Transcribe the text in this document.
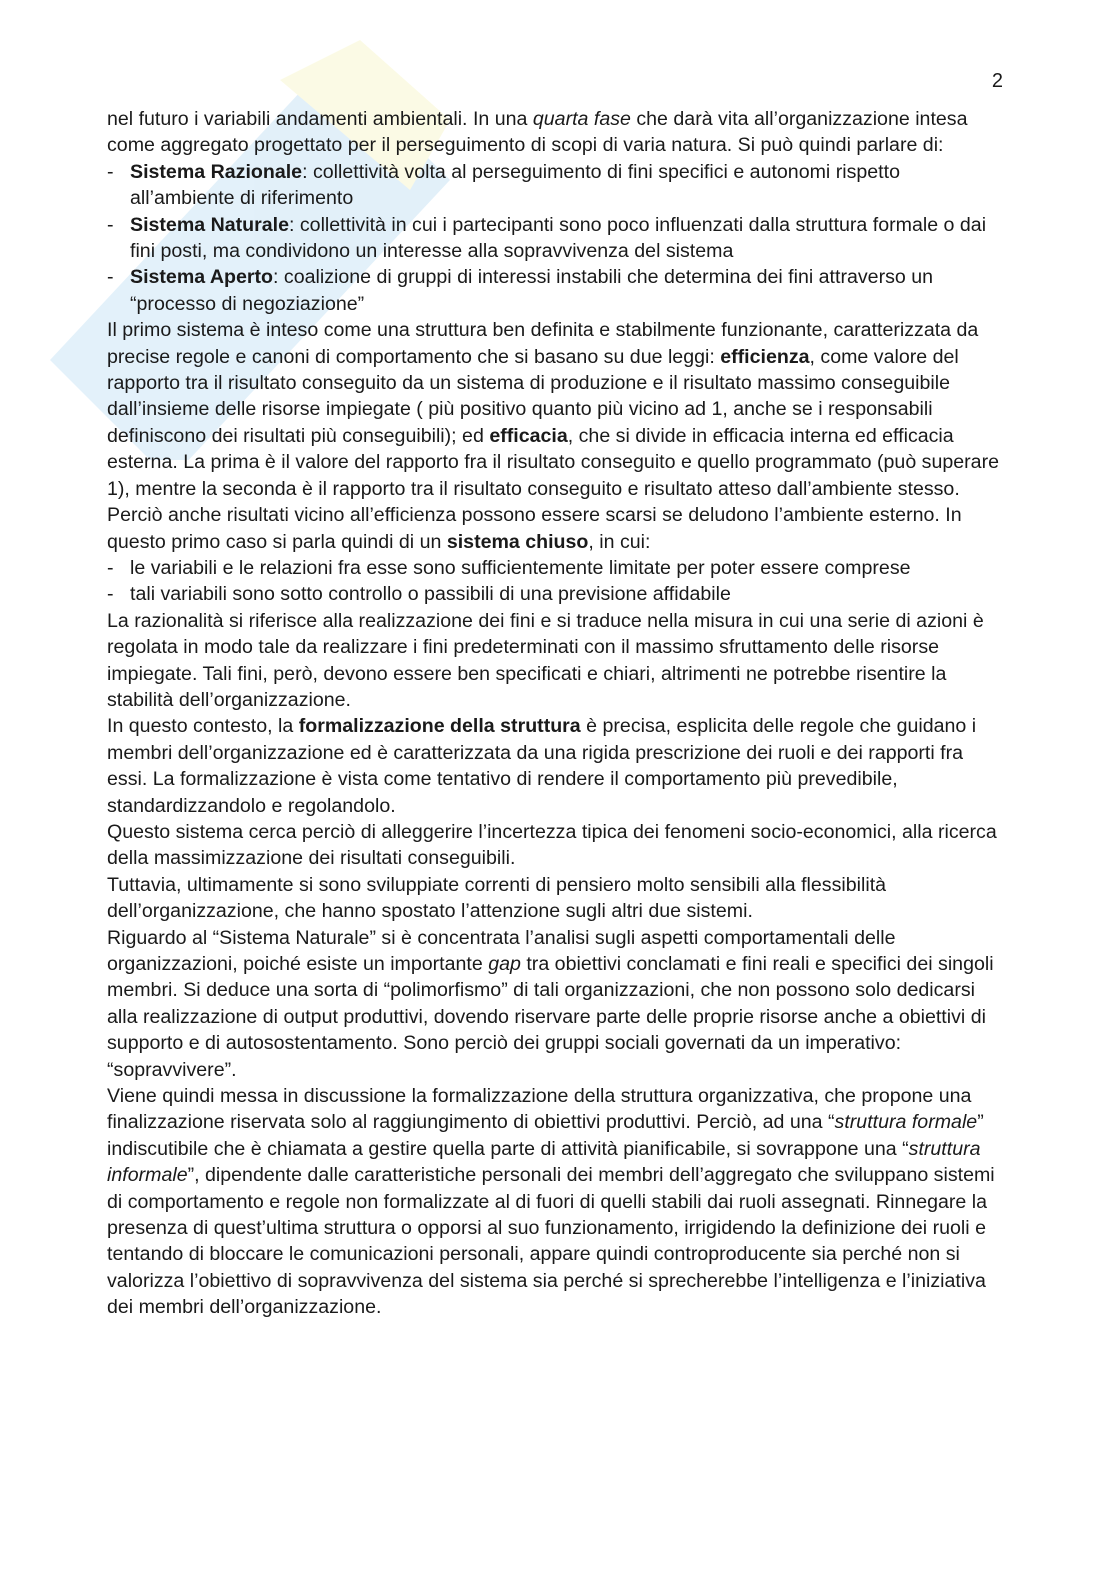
2

nel futuro i variabili andamenti ambientali. In una quarta fase che darà vita all’organizzazione intesa come aggregato progettato per il perseguimento di scopi di varia natura. Si può quindi parlare di:

- Sistema Razionale: collettività volta al perseguimento di fini specifici e autonomi rispetto all’ambiente di riferimento
- Sistema Naturale: collettività in cui i partecipanti sono poco influenzati dalla struttura formale o dai fini posti, ma condividono un interesse alla sopravvivenza del sistema
- Sistema Aperto: coalizione di gruppi di interessi instabili che determina dei fini attraverso un “processo di negoziazione”

Il primo sistema è inteso come una struttura ben definita e stabilmente funzionante, caratterizzata da precise regole e canoni di comportamento che si basano su due leggi: efficienza, come valore del rapporto tra il risultato conseguito da un sistema di produzione e il risultato massimo conseguibile dall’insieme delle risorse impiegate ( più positivo quanto più vicino ad 1, anche se i responsabili definiscono dei risultati più conseguibili); ed efficacia, che si divide in efficacia interna ed efficacia esterna. La prima è il valore del rapporto fra il risultato conseguito e quello programmato (può superare 1), mentre la seconda è il rapporto tra il risultato conseguito e risultato atteso dall’ambiente stesso. Perciò anche risultati vicino all’efficienza possono essere scarsi se deludono l’ambiente esterno. In questo primo caso si parla quindi di un sistema chiuso, in cui:

- le variabili e le relazioni fra esse sono sufficientemente limitate per poter essere comprese
- tali variabili sono sotto controllo o passibili di una previsione affidabile

La razionalità si riferisce alla realizzazione dei fini e si traduce nella misura in cui una serie di azioni è regolata in modo tale da realizzare i fini predeterminati con il massimo sfruttamento delle risorse impiegate. Tali fini, però, devono essere ben specificati e chiari, altrimenti ne potrebbe risentire la stabilità dell’organizzazione.

In questo contesto, la formalizzazione della struttura è precisa, esplicita delle regole che guidano i membri dell’organizzazione ed è caratterizzata da una rigida prescrizione dei ruoli e dei rapporti fra essi. La formalizzazione è vista come tentativo di rendere il comportamento più prevedibile, standardizzandolo e regolandolo.

Questo sistema cerca perciò di alleggerire l’incertezza tipica dei fenomeni socio-economici, alla ricerca della massimizzazione dei risultati conseguibili.

Tuttavia, ultimamente si sono sviluppiate correnti di pensiero molto sensibili alla flessibilità dell’organizzazione, che hanno spostato l’attenzione sugli altri due sistemi.

Riguardo al “Sistema Naturale” si è concentrata l’analisi sugli aspetti comportamentali delle organizzazioni, poiché esiste un importante gap tra obiettivi conclamati e fini reali e specifici dei singoli membri. Si deduce una sorta di “polimorfismo” di tali organizzazioni, che non possono solo dedicarsi alla realizzazione di output produttivi, dovendo riservare parte delle proprie risorse anche a obiettivi di supporto e di autosostentamento. Sono perciò dei gruppi sociali governati da un imperativo: “sopravvivere”.

Viene quindi messa in discussione la formalizzazione della struttura organizzativa, che propone una finalizzazione riservata solo al raggiungimento di obiettivi produttivi. Perciò, ad una “struttura formale” indiscutibile che è chiamata a gestire quella parte di attività pianificabile, si sovrappone una “struttura informale”, dipendente dalle caratteristiche personali dei membri dell’aggregato che sviluppano sistemi di comportamento e regole non formalizzate al di fuori di quelli stabili dai ruoli assegnati. Rinnegare la presenza di quest’ultima struttura o opporsi al suo funzionamento, irrigidendo la definizione dei ruoli e tentando di bloccare le comunicazioni personali, appare quindi controproducente sia perché non si valorizza l’obiettivo di sopravvivenza del sistema sia perché si sprecherebbe l’intelligenza e l’iniziativa dei membri dell’organizzazione.
